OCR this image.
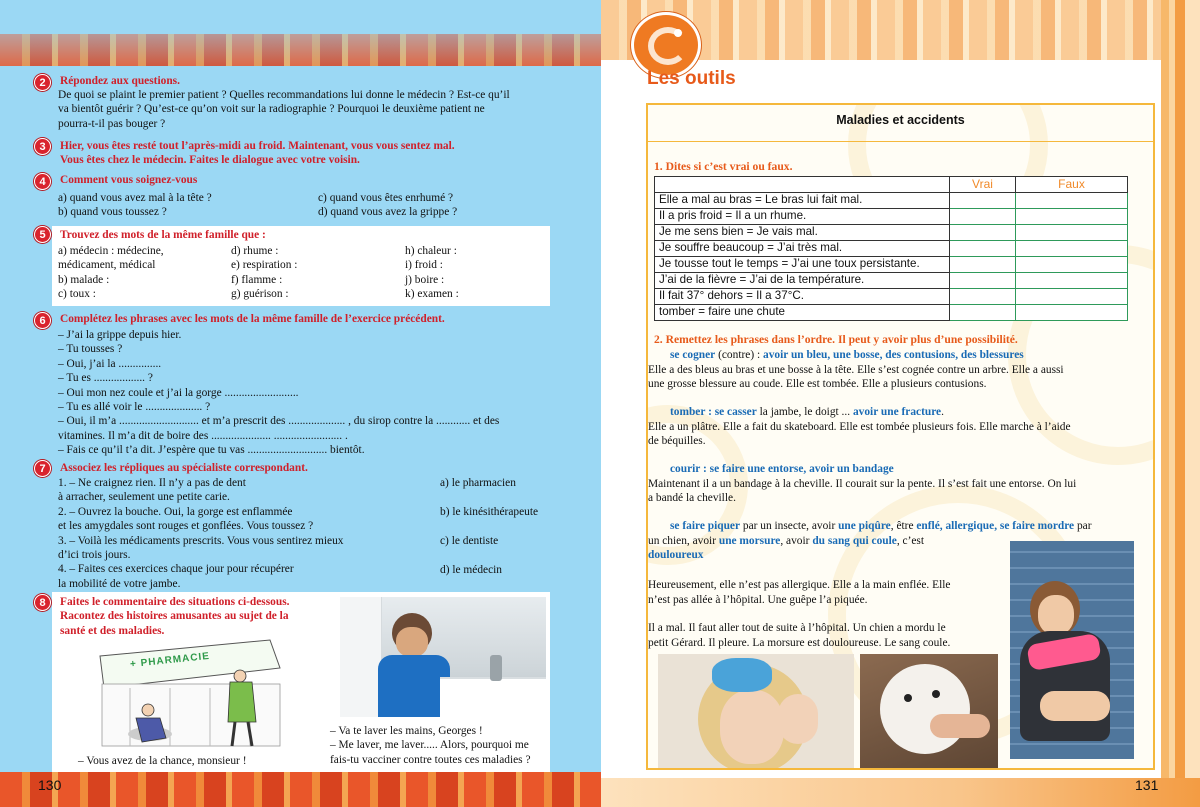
2	Répondez aux questions.
De quoi se plaint le premier patient ? Quelles recommandations lui donne le médecin ? Est-ce qu’il
va bientôt guérir ? Qu’est-ce qu’on voit sur la radiographie ? Pourquoi le deuxième patient ne
pourra-t-il pas bouger ?
3	Hier, vous êtes resté tout l’après-midi au froid. Maintenant, vous vous sentez mal.
Vous êtes chez le médecin. Faites le dialogue avec votre voisin.
4	Comment vous soignez-vous
a) quand vous avez mal à la tête ?	c) quand vous êtes enrhumé ?
b) quand vous toussez ?	d) quand vous avez la grippe ?
5	Trouvez des mots de la même famille que :
a) médecin : médecine,
médicament, médical
b) malade :
c) toux :
d) rhume :
e) respiration :
f) flamme :
g) guérison :
h) chaleur :
i) froid :
j) boire :
k) examen :
6	Complétez les phrases avec les mots de la même famille de l’exercice précédent.
– J’ai la grippe depuis hier.
– Tu tousses ?
– Oui, j’ai la ...............
– Tu es .................. ?
– Oui mon nez coule et j’ai la gorge ..........................
– Tu es allé voir le .................... ?
– Oui, il m’a ............................ et m’a prescrit des .................... , du sirop contre la ............ et des
vitamines. Il m’a dit de boire des ..................... ........................ .
– Fais ce qu’il t’a dit. J’espère que tu vas ............................ bientôt.
7	Associez les répliques au spécialiste correspondant.
1. – Ne craignez rien. Il n’y a pas de dent
à arracher, seulement une petite carie.
2. – Ouvrez la bouche. Oui, la gorge est enflammée
et les amygdales sont rouges et gonflées. Vous toussez ?
3. – Voilà les médicaments prescrits. Vous vous sentirez mieux
d’ici trois jours.
4. – Faites ces exercices chaque jour pour récupérer
la mobilité de votre jambe.
a) le pharmacien
b) le kinésithérapeute
c) le dentiste
d) le médecin
8	Faites le commentaire des situations ci-dessous.
Racontez des histoires amusantes au sujet de la
santé et des maladies.
+ PHARMACIE
– Vous avez de la chance, monsieur !
– Va te laver les mains, Georges !
– Me laver, me laver..... Alors, pourquoi me
fais-tu vacciner contre toutes ces maladies ?
130
Les outils
Maladies et accidents
1. Dites si c’est vrai ou faux.
	Vrai	Faux
Elle a mal au bras = Le bras lui fait mal.		
Il a pris froid = Il a un rhume.		
Je me sens bien = Je vais mal.		
Je souffre beaucoup = J’ai très mal.		
Je tousse tout le temps = J’ai une toux persistante.		
J’ai de la fièvre = J’ai de la température.		
Il fait 37° dehors = Il a 37°C.		
tomber = faire une chute		
2. Remettez les phrases dans l’ordre. Il peut y avoir plus d’une possibilité.
se cogner (contre) : avoir un bleu, une bosse, des contusions, des blessures
Elle a des bleus au bras et une bosse à la tête. Elle s’est cognée contre un arbre. Elle a aussi
une grosse blessure au coude. Elle est tombée. Elle a plusieurs contusions.
tomber : se casser la jambe, le doigt ... avoir une fracture.
Elle a un plâtre. Elle a fait du skateboard. Elle est tombée plusieurs fois. Elle marche à l’aide
de béquilles.
courir : se faire une entorse, avoir un bandage
Maintenant il a un bandage à la cheville. Il courait sur la pente. Il s’est fait une entorse. On lui
a bandé la cheville.
se faire piquer par un insecte, avoir une piqûre, être enflé, allergique, se faire mordre par
un chien, avoir une morsure, avoir du sang qui coule, c’est
douloureux
Heureusement, elle n’est pas allergique. Elle a la main enflée. Elle
n’est pas allée à l’hôpital. Une guêpe l’a piquée.
Il a mal. Il faut aller tout de suite à l’hôpital. Un chien a mordu le
petit Gérard. Il pleure. La morsure est douloureuse. Le sang coule.
131
